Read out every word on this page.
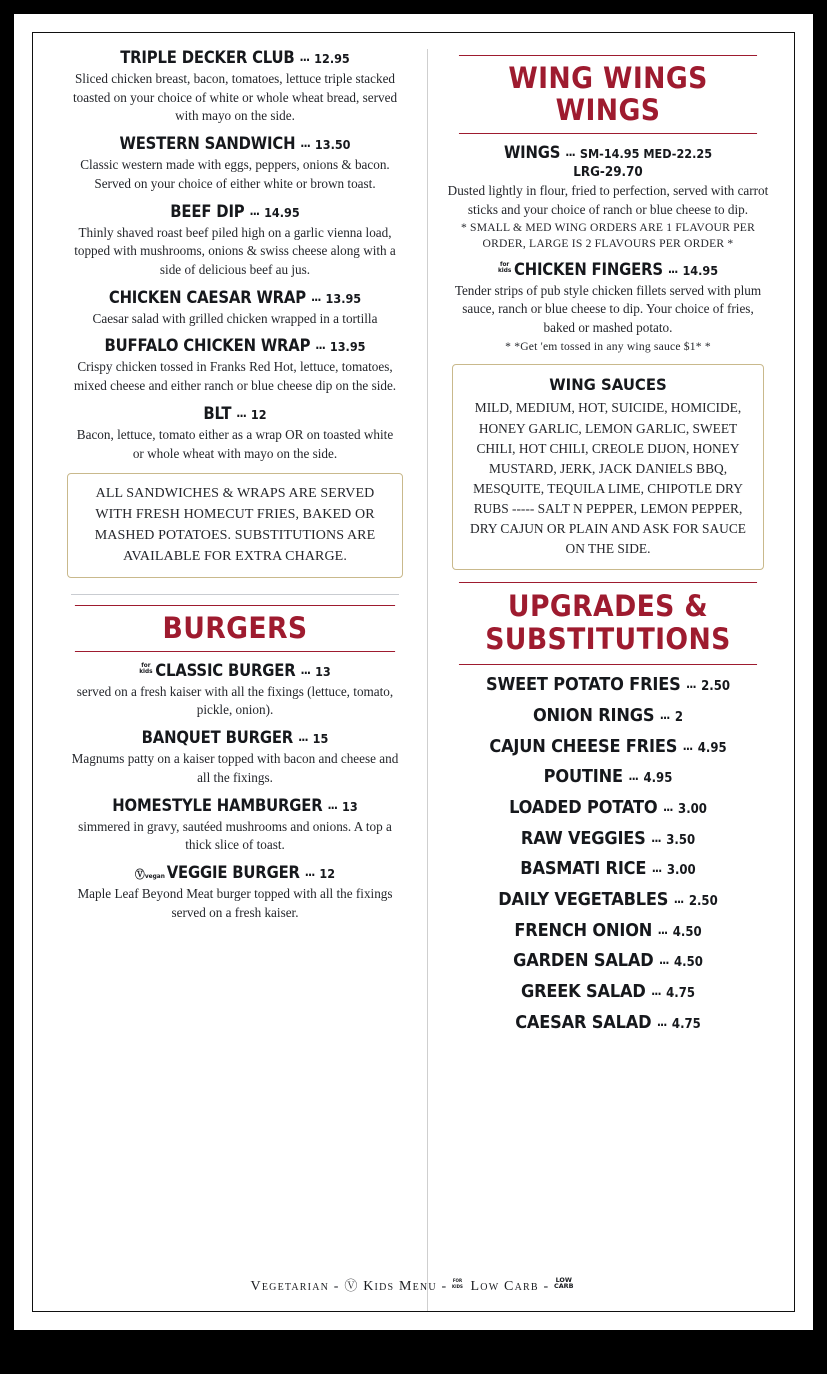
TRIPLE DECKER CLUB ... 12.95
Sliced chicken breast, bacon, tomatoes, lettuce triple stacked toasted on your choice of white or whole wheat bread, served with mayo on the side.
WESTERN SANDWICH ... 13.50
Classic western made with eggs, peppers, onions & bacon. Served on your choice of either white or brown toast.
BEEF DIP ... 14.95
Thinly shaved roast beef piled high on a garlic vienna load, topped with mushrooms, onions & swiss cheese along with a side of delicious beef au jus.
CHICKEN CAESAR WRAP ... 13.95
Caesar salad with grilled chicken wrapped in a tortilla
BUFFALO CHICKEN WRAP ... 13.95
Crispy chicken tossed in Franks Red Hot, lettuce, tomatoes, mixed cheese and either ranch or blue cheese dip on the side.
BLT ... 12
Bacon, lettuce, tomato either as a wrap OR on toasted white or whole wheat with mayo on the side.
ALL SANDWICHES & WRAPS ARE SERVED WITH FRESH HOMECUT FRIES, BAKED OR MASHED POTATOES. SUBSTITUTIONS ARE AVAILABLE FOR EXTRA CHARGE.
BURGERS
for
kids CLASSIC BURGER ... 13
served on a fresh kaiser with all the fixings (lettuce, tomato, pickle, onion).
BANQUET BURGER ... 15
Magnums patty on a kaiser topped with bacon and cheese and all the fixings.
HOMESTYLE HAMBURGER ... 13
simmered in gravy, sautéed mushrooms and onions. A top a thick slice of toast.
Ⓥvegan VEGGIE BURGER ... 12
Maple Leaf Beyond Meat burger topped with all the fixings served on a fresh kaiser.
WING WINGS WINGS
WINGS ... SM-14.95 MED-22.25
LRG-29.70
Dusted lightly in flour, fried to perfection, served with carrot sticks and your choice of ranch or blue cheese to dip.
* SMALL & MED WING ORDERS ARE 1 FLAVOUR PER ORDER, LARGE IS 2 FLAVOURS PER ORDER *
for
kids CHICKEN FINGERS ... 14.95
Tender strips of pub style chicken fillets served with plum sauce, ranch or blue cheese to dip. Your choice of fries, baked or mashed potato.
* *Get 'em tossed in any wing sauce $1* *
WING SAUCES
MILD, MEDIUM, HOT, SUICIDE, HOMICIDE, HONEY GARLIC, LEMON GARLIC, SWEET CHILI, HOT CHILI, CREOLE DIJON, HONEY MUSTARD, JERK, JACK DANIELS BBQ, MESQUITE, TEQUILA LIME, CHIPOTLE DRY RUBS ----- SALT N PEPPER, LEMON PEPPER, DRY CAJUN OR PLAIN AND ASK FOR SAUCE ON THE SIDE.
UPGRADES &
SUBSTITUTIONS
SWEET POTATO FRIES ... 2.50
ONION RINGS ... 2
CAJUN CHEESE FRIES ... 4.95
POUTINE ... 4.95
LOADED POTATO ... 3.00
RAW VEGGIES ... 3.50
BASMATI RICE ... 3.00
DAILY VEGETABLES ... 2.50
FRENCH ONION ... 4.50
GARDEN SALAD ... 4.50
GREEK SALAD ... 4.75
CAESAR SALAD ... 4.75
Vegetarian - Ⓥ Kids Menu - for
kids Low Carb - LOW
CARB
